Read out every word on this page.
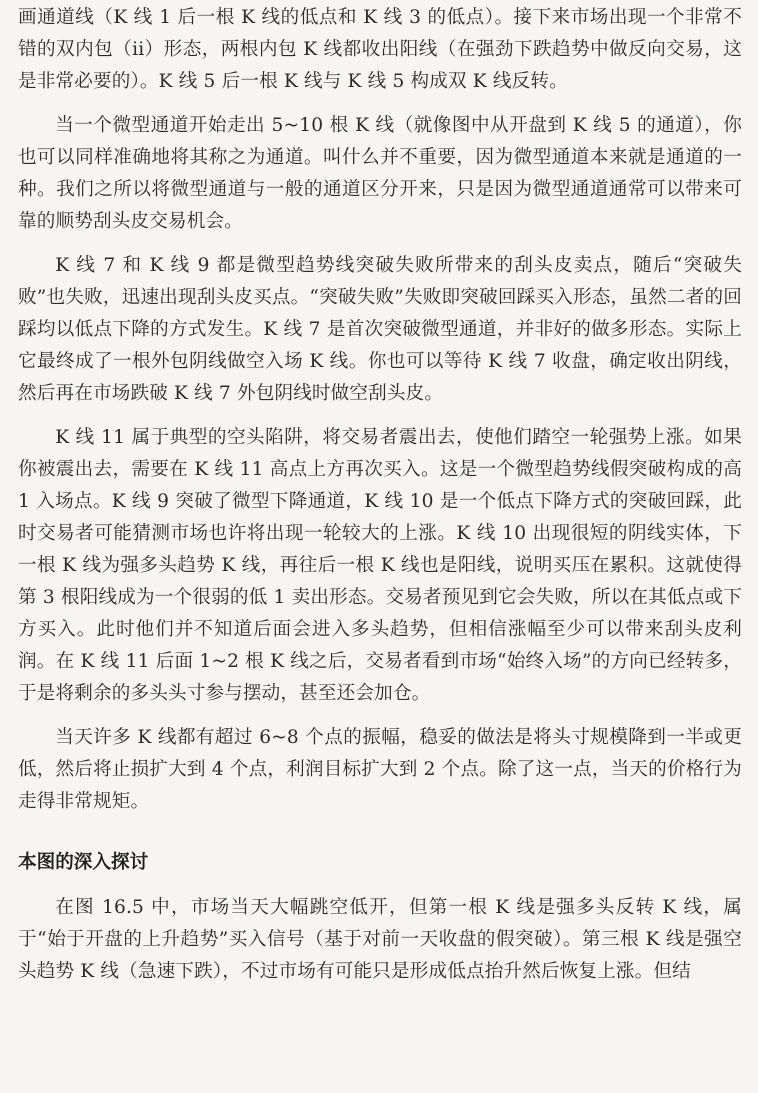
画通道线（K 线 1 后一根 K 线的低点和 K 线 3 的低点）。接下来市场出现一个非常不错的双内包（ii）形态，两根内包 K 线都收出阳线（在强劲下跌趋势中做反向交易，这是非常必要的）。K 线 5 后一根 K 线与 K 线 5 构成双 K 线反转。

当一个微型通道开始走出 5~10 根 K 线（就像图中从开盘到 K 线 5 的通道），你也可以同样准确地将其称之为通道。叫什么并不重要，因为微型通道本来就是通道的一种。我们之所以将微型通道与一般的通道区分开来，只是因为微型通道通常可以带来可靠的顺势刮头皮交易机会。

K 线 7 和 K 线 9 都是微型趋势线突破失败所带来的刮头皮卖点，随后“突破失败”也失败，迅速出现刮头皮买点。“突破失败”失败即突破回踩买入形态，虽然二者的回踩均以低点下降的方式发生。K 线 7 是首次突破微型通道，并非好的做多形态。实际上它最终成了一根外包阴线做空入场 K 线。你也可以等待 K 线 7 收盘，确定收出阴线，然后再在市场跌破 K 线 7 外包阴线时做空刮头皮。

K 线 11 属于典型的空头陷阱，将交易者震出去，使他们踏空一轮强势上涨。如果你被震出去，需要在 K 线 11 高点上方再次买入。这是一个微型趋势线假突破构成的高 1 入场点。K 线 9 突破了微型下降通道，K 线 10 是一个低点下降方式的突破回踩，此时交易者可能猜测市场也许将出现一轮较大的上涨。K 线 10 出现很短的阴线实体，下一根 K 线为强多头趋势 K 线，再往后一根 K 线也是阳线，说明买压在累积。这就使得第 3 根阳线成为一个很弱的低 1 卖出形态。交易者预见到它会失败，所以在其低点或下方买入。此时他们并不知道后面会进入多头趋势，但相信涨幅至少可以带来刮头皮利润。在 K 线 11 后面 1~2 根 K 线之后，交易者看到市场“始终入场”的方向已经转多，于是将剩余的多头头寸参与摆动，甚至还会加仓。

当天许多 K 线都有超过 6~8 个点的振幅，稳妥的做法是将头寸规模降到一半或更低，然后将止损扩大到 4 个点，利润目标扩大到 2 个点。除了这一点，当天的价格行为走得非常规矩。

本图的深入探讨

在图 16.5 中，市场当天大幅跳空低开，但第一根 K 线是强多头反转 K 线，属于“始于开盘的上升趋势”买入信号（基于对前一天收盘的假突破）。第三根 K 线是强空头趋势 K 线（急速下跌），不过市场有可能只是形成低点抬升然后恢复上涨。但结
